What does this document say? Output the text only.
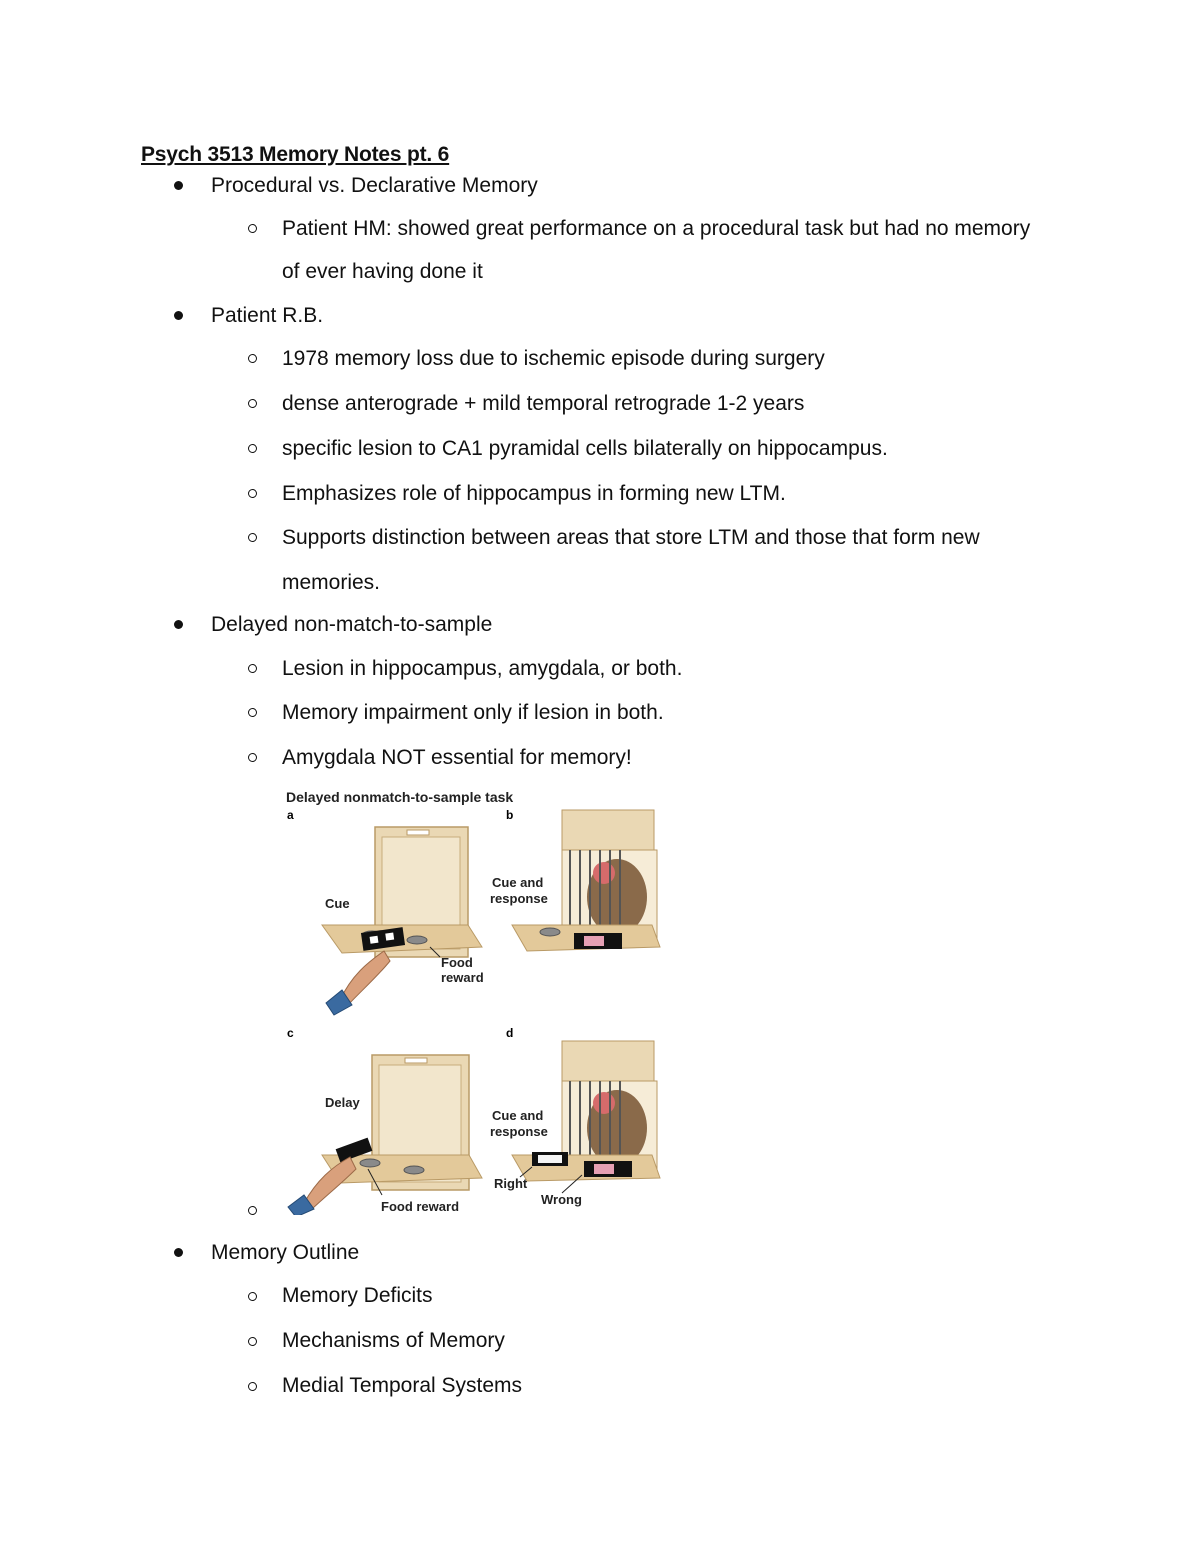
Psych 3513 Memory Notes pt. 6
Procedural vs. Declarative Memory
Patient HM: showed great performance on a procedural task but had no memory
of ever having done it
Patient R.B.
1978 memory loss due to ischemic episode during surgery
dense anterograde + mild temporal retrograde 1-2 years
specific lesion to CA1 pyramidal cells bilaterally on hippocampus.
Emphasizes role of hippocampus in forming new LTM.
Supports distinction between areas that store LTM and those that form new
memories.
Delayed non-match-to-sample
Lesion in hippocampus, amygdala, or both.
Memory impairment only if lesion in both.
Amygdala NOT essential for memory!
Delayed nonmatch-to-sample task
a	b
c	d
Cue
Food
reward
Cue and
response
Delay
Food reward
Cue and
response
Right
Wrong
Memory Outline
Memory Deficits
Mechanisms of Memory
Medial Temporal Systems
